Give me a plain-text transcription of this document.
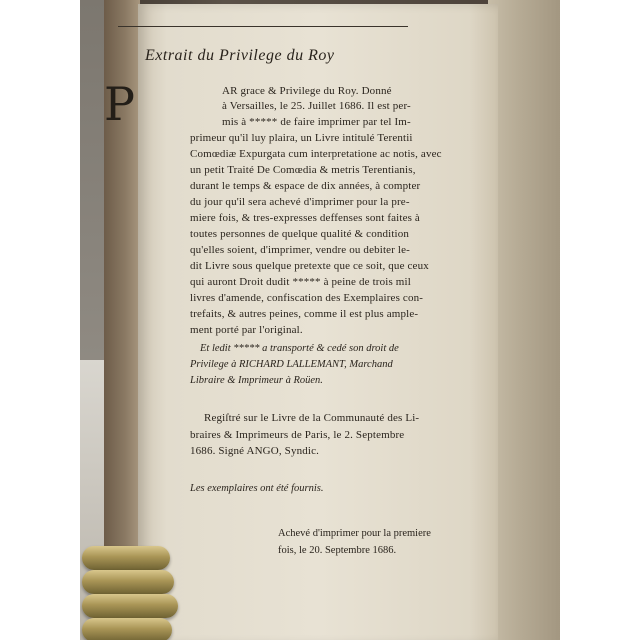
Extrait du Privilege du Roy
P	AR grace & Privilege du Roy. Donné
à Versailles, le 25. Juillet 1686. Il est per-
mis à ***** de faire imprimer par tel Im-
primeur qu'il luy plaira, un Livre intitulé Terentii
Comœdiæ Expurgata cum interpretatione ac notis, avec
un petit Traité De Comœdia & metris Terentianis,
durant le temps & espace de dix années, à compter
du jour qu'il sera achevé d'imprimer pour la pre-
miere fois, & tres-expresses deffenses sont faites à
toutes personnes de quelque qualité & condition
qu'elles soient, d'imprimer, vendre ou debiter le-
dit Livre sous quelque pretexte que ce soit, que ceux
qui auront Droit dudit ***** à peine de trois mil
livres d'amende, confiscation des Exemplaires con-
trefaits, & autres peines, comme il est plus ample-
ment porté par l'original.
Et ledit ***** a transporté & cedé son droit de
Privilege à RICHARD LALLEMANT, Marchand
Libraire & Imprimeur à Roüen.
Regiſtré sur le Livre de la Communauté des Li-
braires & Imprimeurs de Paris, le 2. Septembre
1686. Signé ANGO, Syndic.
Les exemplaires ont été fournis.
Achevé d'imprimer pour la premiere
fois, le 20. Septembre 1686.
